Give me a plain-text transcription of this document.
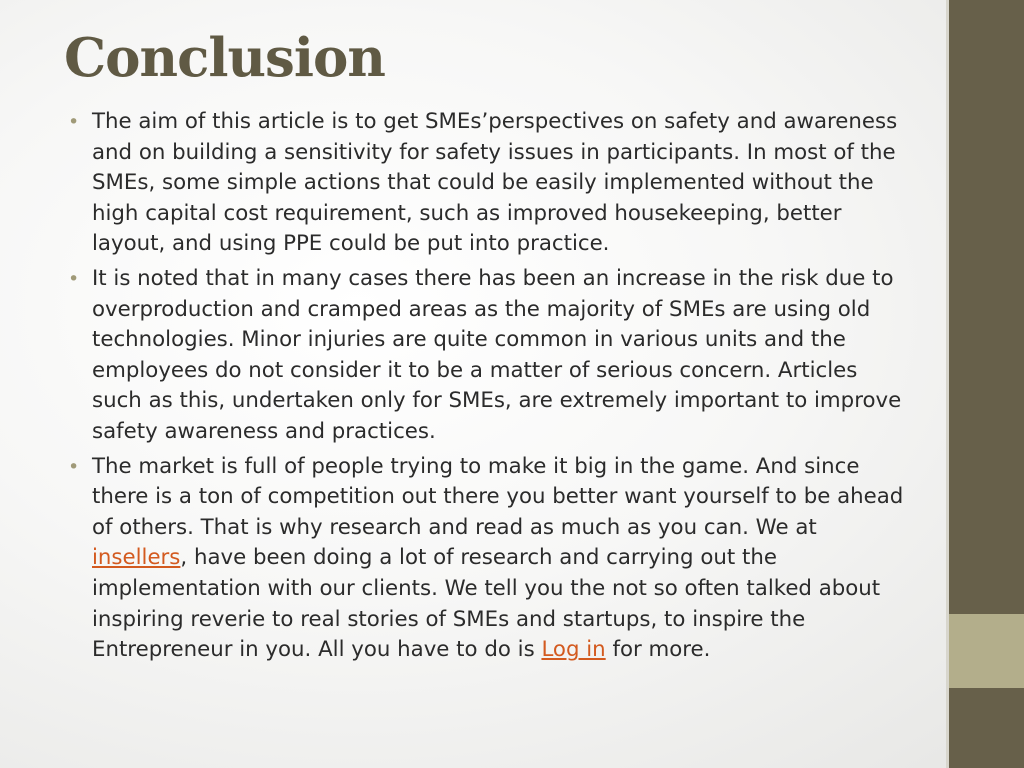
Conclusion
• The aim of this article is to get SMEs’perspectives on safety and awareness and on building a sensitivity for safety issues in participants. In most of the SMEs, some simple actions that could be easily implemented without the high capital cost requirement, such as improved housekeeping, better layout, and using PPE could be put into practice.
• It is noted that in many cases there has been an increase in the risk due to overproduction and cramped areas as the majority of SMEs are using old technologies. Minor injuries are quite common in various units and the employees do not consider it to be a matter of serious concern. Articles such as this, undertaken only for SMEs, are extremely important to improve safety awareness and practices.
• The market is full of people trying to make it big in the game. And since there is a ton of competition out there you better want yourself to be ahead of others. That is why research and read as much as you can. We at insellers, have been doing a lot of research and carrying out the implementation with our clients. We tell you the not so often talked about inspiring reverie to real stories of SMEs and startups, to inspire the Entrepreneur in you. All you have to do is Log in for more.
